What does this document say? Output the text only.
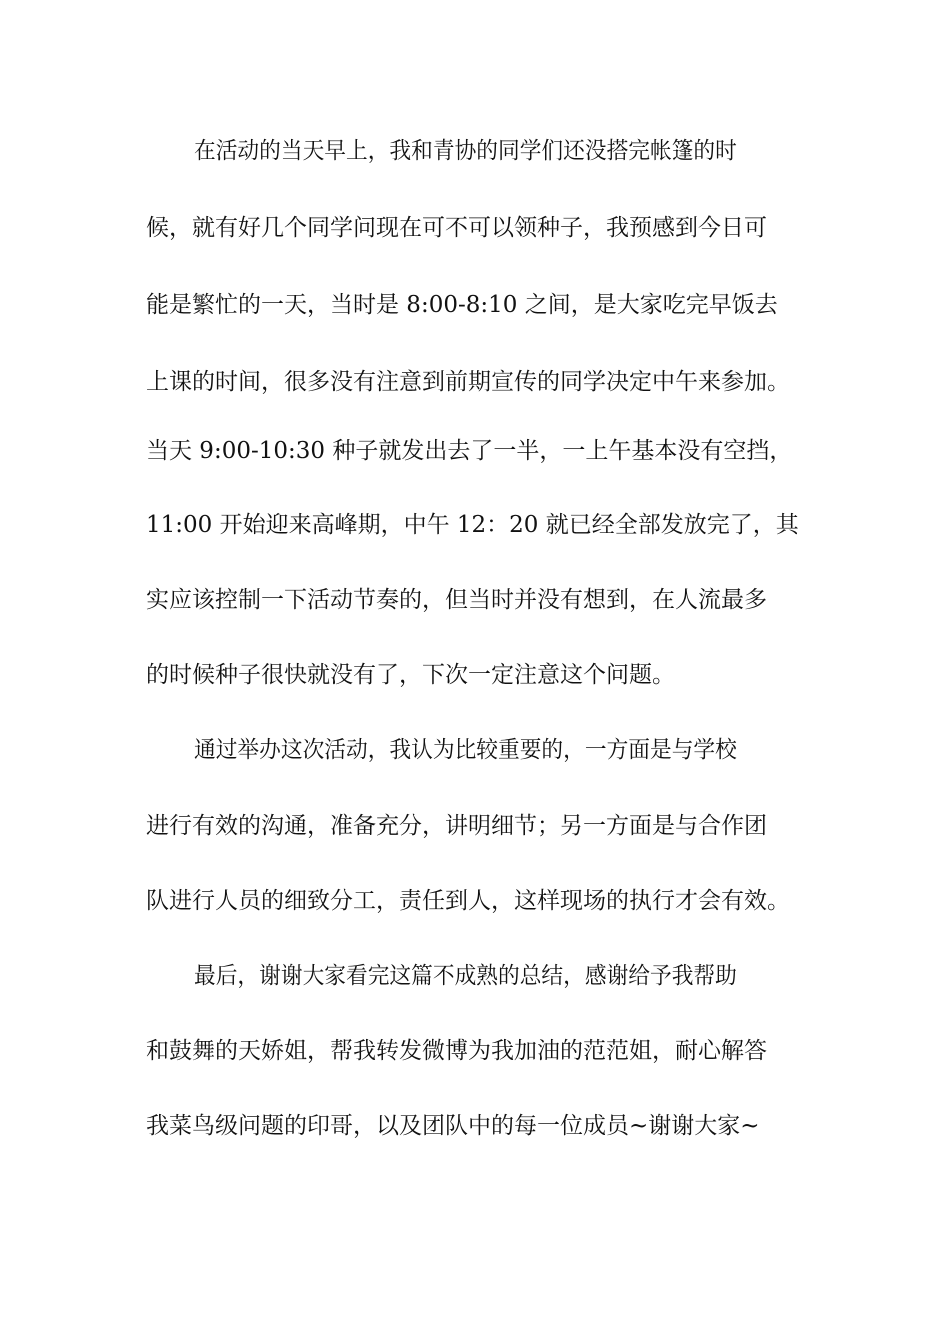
在活动的当天早上，我和青协的同学们还没搭完帐篷的时
候，就有好几个同学问现在可不可以领种子，我预感到今日可
能是繁忙的一天，当时是 8:00-8:10 之间，是大家吃完早饭去
上课的时间，很多没有注意到前期宣传的同学决定中午来参加。
当天 9:00-10:30 种子就发出去了一半，一上午基本没有空挡，
11:00 开始迎来高峰期，中午 12：20 就已经全部发放完了，其
实应该控制一下活动节奏的，但当时并没有想到，在人流最多
的时候种子很快就没有了，下次一定注意这个问题。
通过举办这次活动，我认为比较重要的，一方面是与学校
进行有效的沟通，准备充分，讲明细节；另一方面是与合作团
队进行人员的细致分工，责任到人，这样现场的执行才会有效。
最后，谢谢大家看完这篇不成熟的总结，感谢给予我帮助
和鼓舞的天娇姐，帮我转发微博为我加油的范范姐，耐心解答
我菜鸟级问题的印哥，以及团队中的每一位成员~谢谢大家~
